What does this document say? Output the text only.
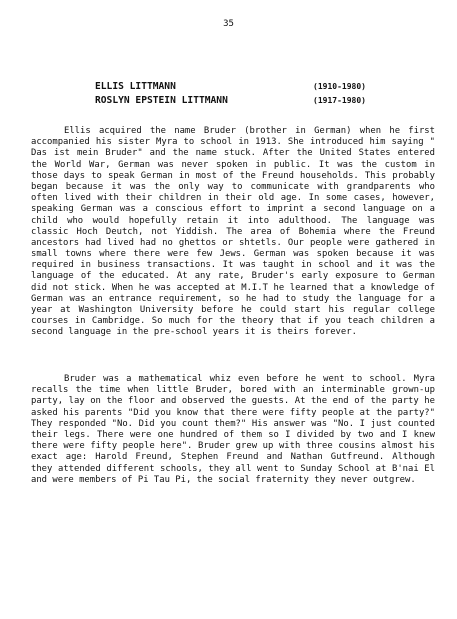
35
ELLIS LITTMANN	(1910-1980)
ROSLYN EPSTEIN LITTMANN	(1917-1980)

Ellis acquired the name Bruder (brother in German) when he first accompanied his sister Myra to school in 1913. She introduced him saying " Das ist mein Bruder" and the name stuck. After the United States entered the World War, German was never spoken in public. It was the custom in those days to speak German in most of the Freund households. This probably began because it was the only way to communicate with grandparents who often lived with their children in their old age. In some cases, however, speaking German was a conscious effort to imprint a second language on a child who would hopefully retain it into adulthood. The language was classic Hoch Deutch, not Yiddish. The area of Bohemia where the Freund ancestors had lived had no ghettos or shtetls. Our people were gathered in small towns where there were few Jews. German was spoken because it was required in business transactions. It was taught in school and it was the language of the educated. At any rate, Bruder's early exposure to German did not stick. When he was accepted at M.I.T he learned that a knowledge of German was an entrance requirement, so he had to study the language for a year at Washington University before he could start his regular college courses in Cambridge. So much for the theory that if you teach children a second language in the pre-school years it is theirs forever.

Bruder was a mathematical whiz even before he went to school. Myra recalls the time when little Bruder, bored with an interminable grown-up party, lay on the floor and observed the guests. At the end of the party he asked his parents "Did you know that there were fifty people at the party?" They responded "No. Did you count them?" His answer was "No. I just counted their legs. There were one hundred of them so I divided by two and I knew there were fifty people here". Bruder grew up with three cousins almost his exact age: Harold Freund, Stephen Freund and Nathan Gutfreund. Although they attended different schools, they all went to Sunday School at B'nai El and were members of Pi Tau Pi, the social fraternity they never outgrew.
